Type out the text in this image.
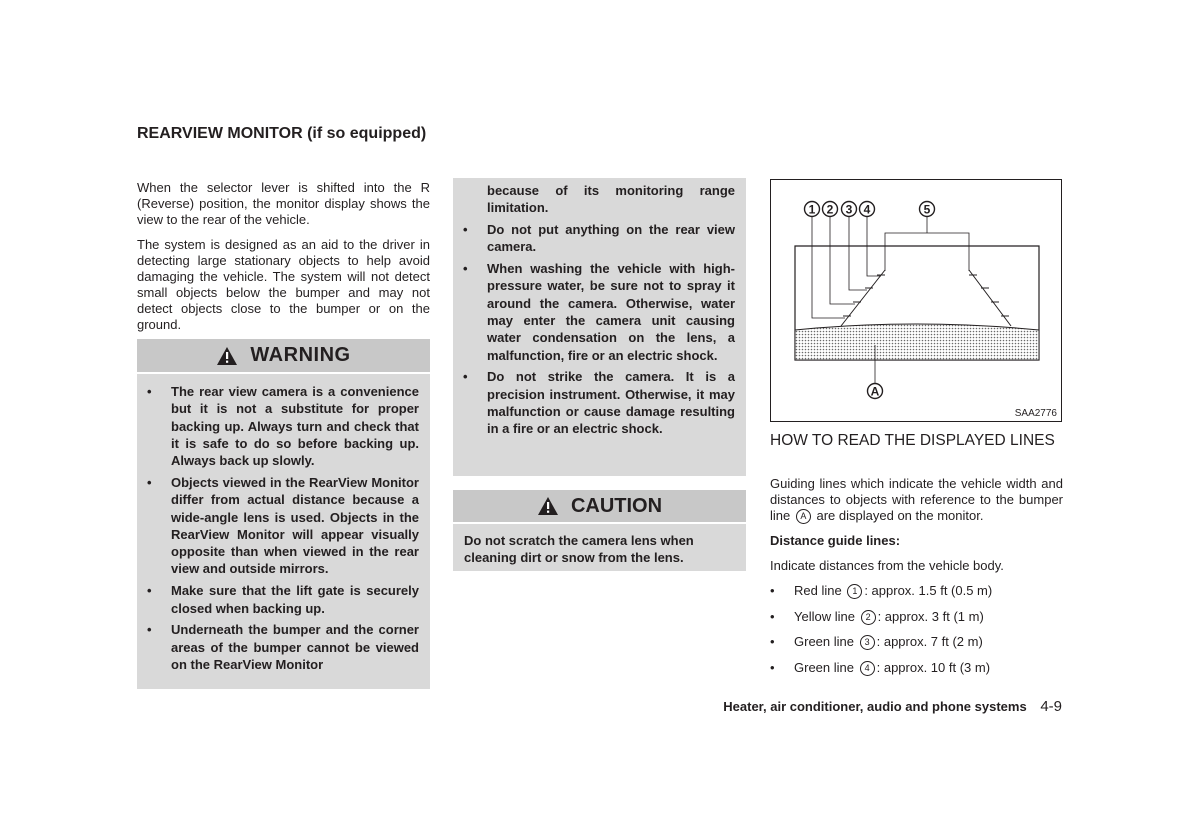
REARVIEW MONITOR (if so equipped)

When the selector lever is shifted into the R (Reverse) position, the monitor display shows the view to the rear of the vehicle.

The system is designed as an aid to the driver in detecting large stationary objects to help avoid damaging the vehicle. The system will not detect small objects below the bumper and may not detect objects close to the bumper or on the ground.

WARNING
• The rear view camera is a convenience but it is not a substitute for proper backing up. Always turn and check that it is safe to do so before backing up. Always back up slowly.
• Objects viewed in the RearView Monitor differ from actual distance because a wide-angle lens is used. Objects in the RearView Monitor will appear visually opposite than when viewed in the rear view and outside mirrors.
• Make sure that the lift gate is securely closed when backing up.
• Underneath the bumper and the corner areas of the bumper cannot be viewed on the RearView Monitor
because of its monitoring range limitation.
• Do not put anything on the rear view camera.
• When washing the vehicle with high-pressure water, be sure not to spray it around the camera. Otherwise, water may enter the camera unit causing water condensation on the lens, a malfunction, fire or an electric shock.
• Do not strike the camera. It is a precision instrument. Otherwise, it may malfunction or cause damage resulting in a fire or an electric shock.
CAUTION
Do not scratch the camera lens when cleaning dirt or snow from the lens.
1 2 3 4	5
A
SAA2776
HOW TO READ THE DISPLAYED LINES

Guiding lines which indicate the vehicle width and distances to objects with reference to the bumper line A are displayed on the monitor.

Distance guide lines:

Indicate distances from the vehicle body.

• Red line 1 : approx. 1.5 ft (0.5 m)
• Yellow line 2 : approx. 3 ft (1 m)
• Green line 3 : approx. 7 ft (2 m)
• Green line 4 : approx. 10 ft (3 m)
Heater, air conditioner, audio and phone systems 4-9
